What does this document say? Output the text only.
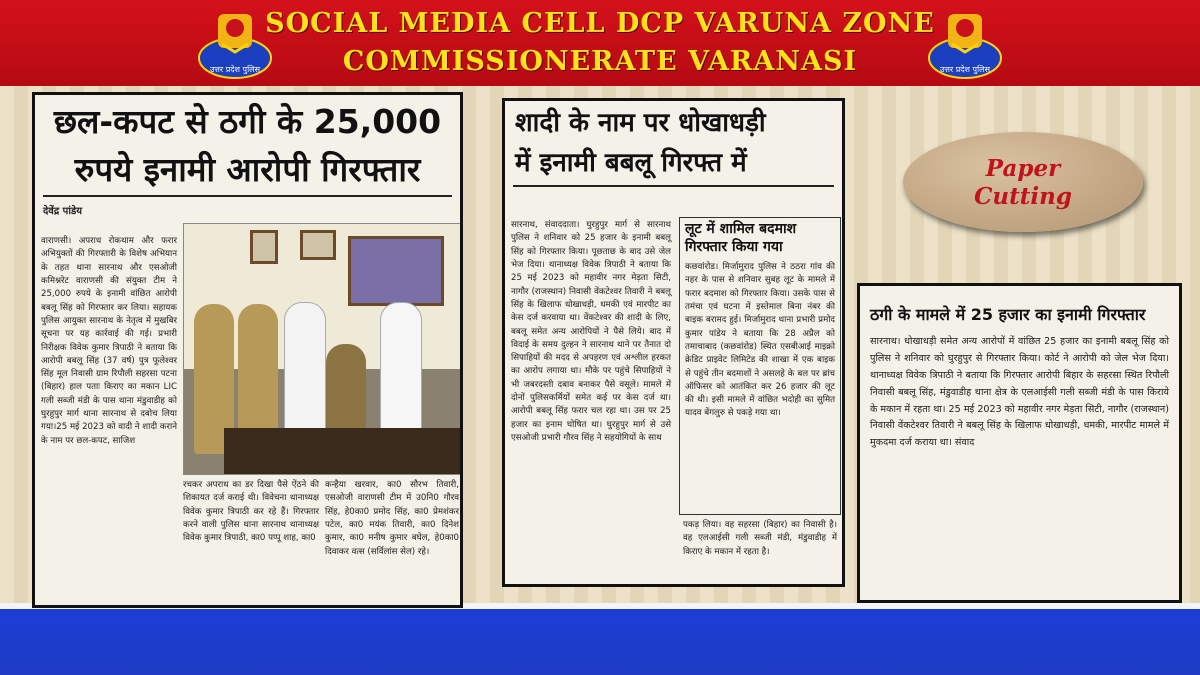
उत्तर प्रदेश पुलिस
SOCIAL MEDIA CELL DCP VARUNA ZONE
COMMISSIONERATE VARANASI	उत्तर प्रदेश पुलिस
छल-कपट से ठगी के 25,000
रुपये इनामी आरोपी गिरफ्तार
देवेंद्र पांडेय
वाराणसी। अपराध रोकथाम और फरार अभियुक्तों की गिरफ्तारी के विशेष अभियान के तहत थाना सारनाथ और एसओजी कमिश्नरेट वाराणसी की संयुक्त टीम ने 25,000 रुपये के इनामी वांछित आरोपी बबलू सिंह को गिरफ्तार कर लिया। सहायक पुलिस आयुक्त सारनाथ के नेतृत्व में मुखबिर सूचना पर यह कार्रवाई की गई। प्रभारी निरीक्षक विवेक कुमार त्रिपाठी ने बताया कि आरोपी बबलू सिंह (37 वर्ष) पुत्र फूलेश्वर सिंह मूल निवासी ग्राम रिपौली सहरसा पटना (बिहार) हाल पताः किराए का मकान LIC गली सब्जी मंडी के पास थाना मंडुवाडीह को घुरहुपुर मार्ग थाना सारनाथ से दबोच लिया गया।25 मई 2023 को वादी ने शादी कराने के नाम पर छल-कपट, साजिश
रचकर अपराध का डर दिखा पैसे ऐंठने की शिकायत दर्ज कराई थी। विवेचना थानाध्यक्ष विवेक कुमार त्रिपाठी कर रहे हैं। गिरफ्तार करने वाली पुलिस थाना सारनाथ थानाध्यक्ष विवेक कुमार त्रिपाठी, का0 पप्पू शाह, का0
कन्हैया खरवार, का0 सौरभ तिवारी, एसओजी वाराणसी टीम में उ0नि0 गौरव सिंह, हे0का0 प्रमोद सिंह, का0 प्रेमशंकर पटेल, का0 मयंक तिवारी, का0 दिनेश कुमार, का0 मनीष कुमार बघेल, हे0का0 दिवाकर वत्स (सर्विलांस सेल) रहे।
शादी के नाम पर धोखाधड़ी
में इनामी बबलू गिरफ्त में
सारनाथ, संवाददाता। घुरहुपुर मार्ग से सारनाथ पुलिस ने शनिवार को 25 हजार के इनामी बबलू सिंह को गिरफ्तार किया। पूछताछ के बाद उसे जेल भेज दिया। थानाध्यक्ष विवेक त्रिपाठी ने बताया कि 25 मई 2023 को महावीर नगर मेड़ता सिटी, नागौर (राजस्थान) निवासी वेंकटेश्वर तिवारी ने बबलू सिंह के खिलाफ धोखाधड़ी, धमकी एवं मारपीट का केस दर्ज करवाया था। वेंकटेश्वर की शादी के लिए, बबलू समेत अन्य आरोपियों ने पैसे लिये। बाद में विदाई के समय दुल्हन ने सारनाथ थाने पर तैनात दो सिपाहियों की मदद से अपहरण एवं अश्लील हरकत का आरोप लगाया था। मौके पर पहुंचे सिपाहियों ने भी जबरदस्ती दबाव बनाकर पैसे वसूले। मामले में दोनों पुलिसकर्मियों समेत कई पर केस दर्ज था। आरोपी बबलू सिंह फरार चल रहा था। उस पर 25 हजार का इनाम घोषित था। घुरहुपुर मार्ग से उसे एसओजी प्रभारी गौरव सिंह ने सहयोगियों के साथ
लूट में शामिल बदमाश
गिरफ्तार किया गया
कछवांरोड। मिर्जामुराद पुलिस ने ठठरा गांव की नहर के पास से शनिवार सुबह लूट के मामले में फरार बदमाश को गिरफ्तार किया। उसके पास से तमंचा एवं घटना में इस्तेमाल बिना नंबर की बाइक बरामद हुई। मिर्जामुराद थाना प्रभारी प्रमोद कुमार पांडेय ने बताया कि 28 अप्रैल को तमाचाबाद (कछवांरोड) स्थित एसबीआई माइक्रो क्रेडिट प्राइवेट लिमिटेड की शाखा में एक बाइक से पहुंचे तीन बदमाशों ने असलहे के बल पर ब्रांच ऑफिसर को आतंकित कर 26 हजार की लूट की थी। इसी मामले में वांछित भदोही का सुमित यादव बेंगलुरु से पकड़े गया था।
पकड़ लिया। वह सहरसा (बिहार) का निवासी है। वह एलआईसी गली सब्जी मंडी, मंडुवाडीह में किराए के मकान में रहता है।
Paper
Cutting
ठगी के मामले में 25 हजार का इनामी गिरफ्तार
सारनाथ। धोखाधड़ी समेत अन्य आरोपों में वांछित 25 हजार का इनामी बबलू सिंह को पुलिस ने शनिवार को घुरहुपुर से गिरफ्तार किया। कोर्ट ने आरोपी को जेल भेज दिया। थानाध्यक्ष विवेक त्रिपाठी ने बताया कि गिरफ्तार आरोपी बिहार के सहरसा स्थित रिपौली निवासी बबलू सिंह, मंडुवाडीह थाना क्षेत्र के एलआईसी गली सब्जी मंडी के पास किराये के मकान में रहता था। 25 मई 2023 को महावीर नगर मेड़ता सिटी, नागौर (राजस्थान) निवासी वेंकटेश्वर तिवारी ने बबलू सिंह के खिलाफ धोखाधड़ी, धमकी, मारपीट मामले में मुकदमा दर्ज कराया था। संवाद
